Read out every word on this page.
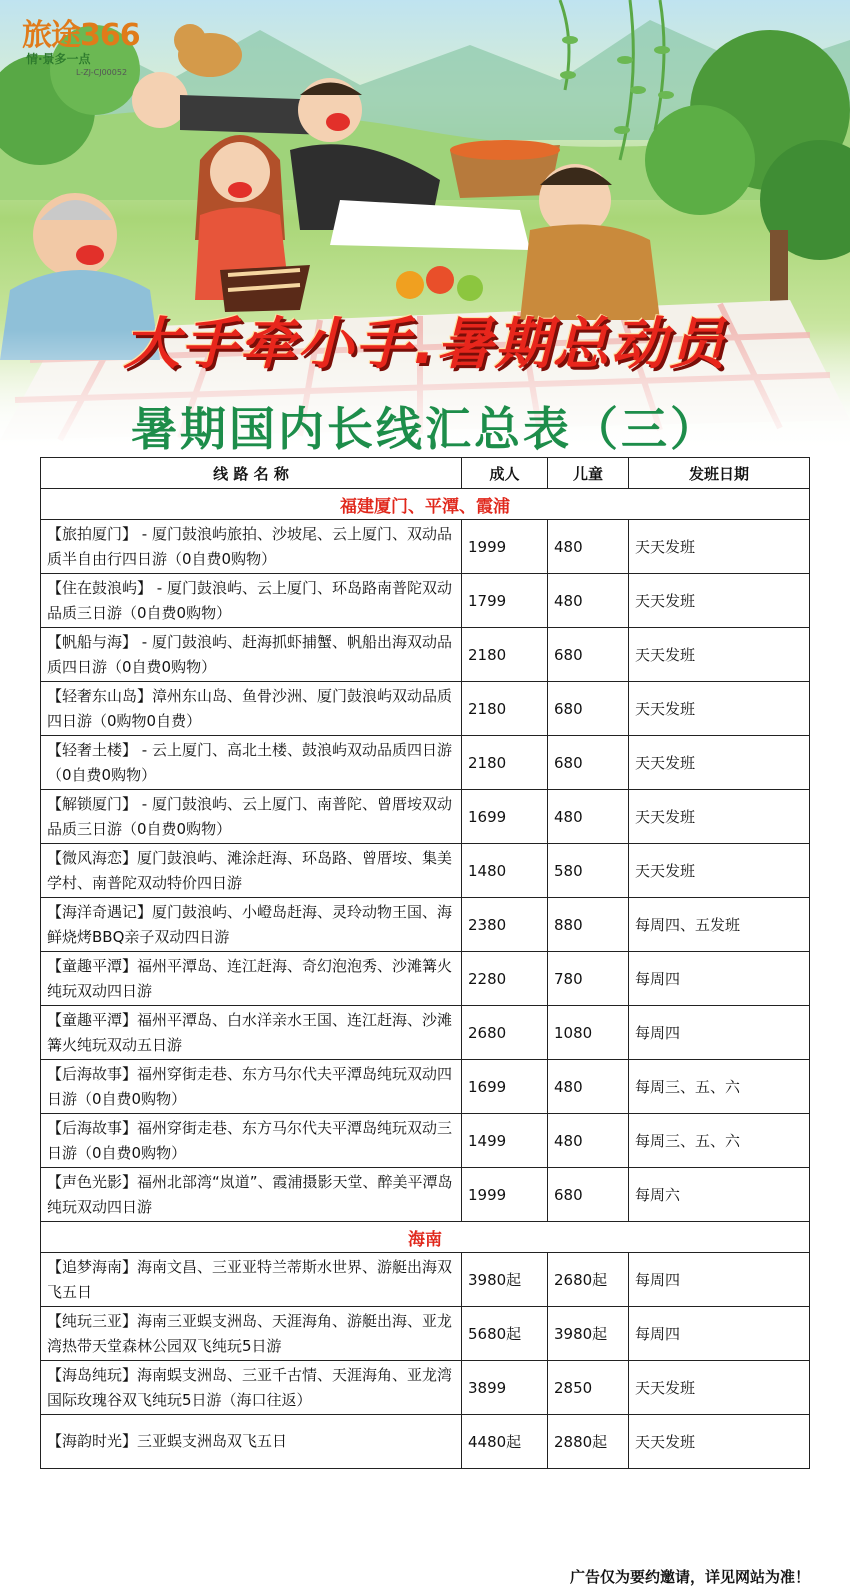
旅途366
情·景多一点
L-ZJ-CJ00052
大手牵小手.暑期总动员
暑期国内长线汇总表（三）
线 路 名 称	成人	儿童	发班日期
福建厦门、平潭、霞浦			
【旅拍厦门】 - 厦门鼓浪屿旅拍、沙坡尾、云上厦门、双动品质半自由行四日游（0自费0购物）	1999	480	天天发班
【住在鼓浪屿】 - 厦门鼓浪屿、云上厦门、环岛路南普陀双动品质三日游（0自费0购物）	1799	480	天天发班
【帆船与海】 - 厦门鼓浪屿、赶海抓虾捕蟹、帆船出海双动品质四日游（0自费0购物）	2180	680	天天发班
【轻奢东山岛】漳州东山岛、鱼骨沙洲、厦门鼓浪屿双动品质四日游（0购物0自费）	2180	680	天天发班
【轻奢土楼】 - 云上厦门、高北土楼、鼓浪屿双动品质四日游（0自费0购物）	2180	680	天天发班
【解锁厦门】 - 厦门鼓浪屿、云上厦门、南普陀、曾厝垵双动品质三日游（0自费0购物）	1699	480	天天发班
【微风海恋】厦门鼓浪屿、滩涂赶海、环岛路、曾厝垵、集美学村、南普陀双动特价四日游	1480	580	天天发班
【海洋奇遇记】厦门鼓浪屿、小嶝岛赶海、灵玲动物王国、海鲜烧烤BBQ亲子双动四日游	2380	880	每周四、五发班
【童趣平潭】福州平潭岛、连江赶海、奇幻泡泡秀、沙滩篝火纯玩双动四日游	2280	780	每周四
【童趣平潭】福州平潭岛、白水洋亲水王国、连江赶海、沙滩篝火纯玩双动五日游	2680	1080	每周四
【后海故事】福州穿街走巷、东方马尔代夫平潭岛纯玩双动四日游（0自费0购物）	1699	480	每周三、五、六
【后海故事】福州穿街走巷、东方马尔代夫平潭岛纯玩双动三日游（0自费0购物）	1499	480	每周三、五、六
【声色光影】福州北部湾“岚道”、霞浦摄影天堂、醉美平潭岛纯玩双动四日游	1999	680	每周六
海南			
【追梦海南】海南文昌、三亚亚特兰蒂斯水世界、游艇出海双飞五日	3980起	2680起	每周四
【纯玩三亚】海南三亚蜈支洲岛、天涯海角、游艇出海、亚龙湾热带天堂森林公园双飞纯玩5日游	5680起	3980起	每周四
【海岛纯玩】海南蜈支洲岛、三亚千古情、天涯海角、亚龙湾国际玫瑰谷双飞纯玩5日游（海口往返）	3899	2850	天天发班
【海韵时光】三亚蜈支洲岛双飞五日	4480起	2880起	天天发班
广告仅为要约邀请，详见网站为准！
